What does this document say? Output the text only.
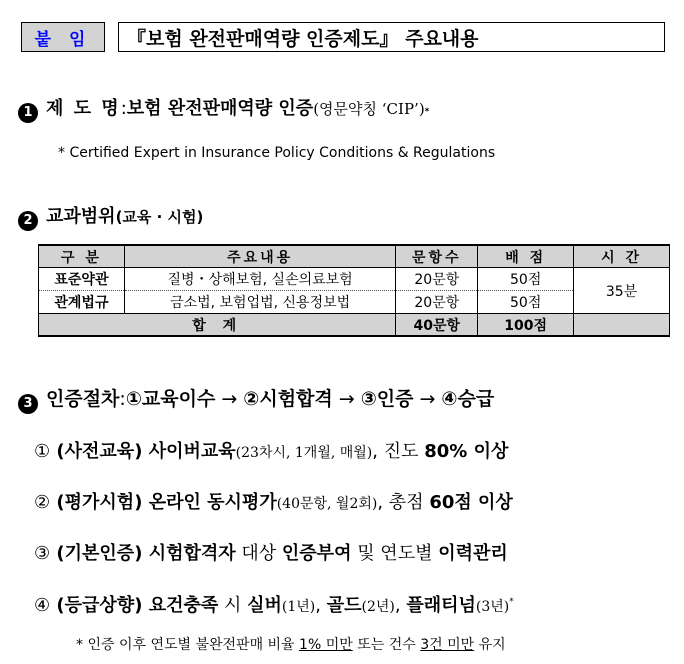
붙 임	『보험 완전판매역량 인증제도』 주요내용
1 제 도 명 : 보험 완전판매역량 인증 (영문약칭 ‘CIP’) *
* Certified Expert in Insurance Policy Conditions & Regulations
2 교과범위 (교육 · 시험)
구 분	주요내용	문항수	배 점	시 간
표준약관	질병・상해보험, 실손의료보험	20문항	50점	35분
관계법규	금소법, 보험업법, 신용정보법	20문항	50점	
합 계		40문항	100점	
3 인증절차 : ①교육이수 → ②시험합격 → ③인증 → ④승급
① (사전교육) 사이버교육(23차시, 1개월, 매월), 진도 80% 이상
② (평가시험) 온라인 동시평가(40문항, 월2회), 총점 60점 이상
③ (기본인증) 시험합격자 대상 인증부여 및 연도별 이력관리
④ (등급상향) 요건충족 시 실버(1년), 골드(2년), 플래티넘(3년)*
* 인증 이후 연도별 불완전판매 비율 1% 미만 또는 건수 3건 미만 유지
